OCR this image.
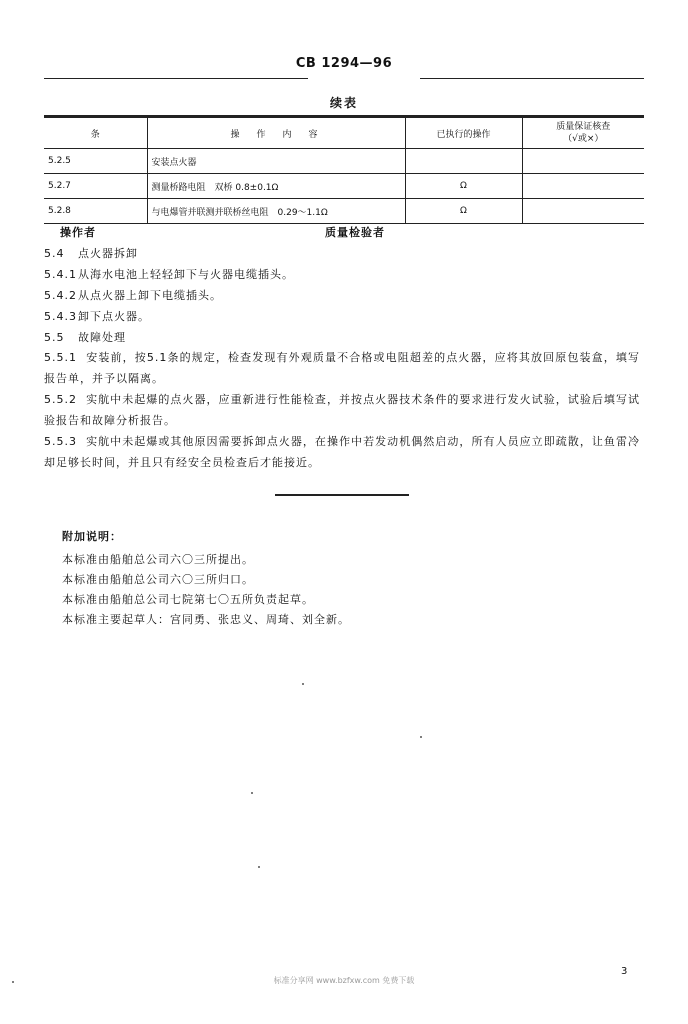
CB 1294—96
续表
条	操　作　内　容	已执行的操作	质量保证核查
（√或×）
5.2.5	安装点火器		
5.2.7	测量桥路电阻　双桥 0.8±0.1Ω	Ω	
5.2.8	与电爆管并联测并联桥丝电阻　0.29～1.1Ω	Ω	
操作者	质量检验者
5.4 点火器拆卸
5.4.1从海水电池上轻轻卸下与火器电缆插头。
5.4.2从点火器上卸下电缆插头。
5.4.3卸下点火器。
5.5 故障处理
5.5.1 安装前，按5.1条的规定，检查发现有外观质量不合格或电阻超差的点火器，应将其放回原包装盒，填写报告单，并予以隔离。
5.5.2 实航中未起爆的点火器，应重新进行性能检查，并按点火器技术条件的要求进行发火试验，试验后填写试验报告和故障分析报告。
5.5.3 实航中未起爆或其他原因需要拆卸点火器，在操作中若发动机偶然启动，所有人员应立即疏散，让鱼雷冷却足够长时间，并且只有经安全员检查后才能接近。
附加说明：
本标准由船舶总公司六〇三所提出。
本标准由船舶总公司六〇三所归口。
本标准由船舶总公司七院第七〇五所负责起草。
本标准主要起草人：宫同勇、张忠义、周琦、刘全新。
标准分享网 www.bzfxw.com 免费下载
3
